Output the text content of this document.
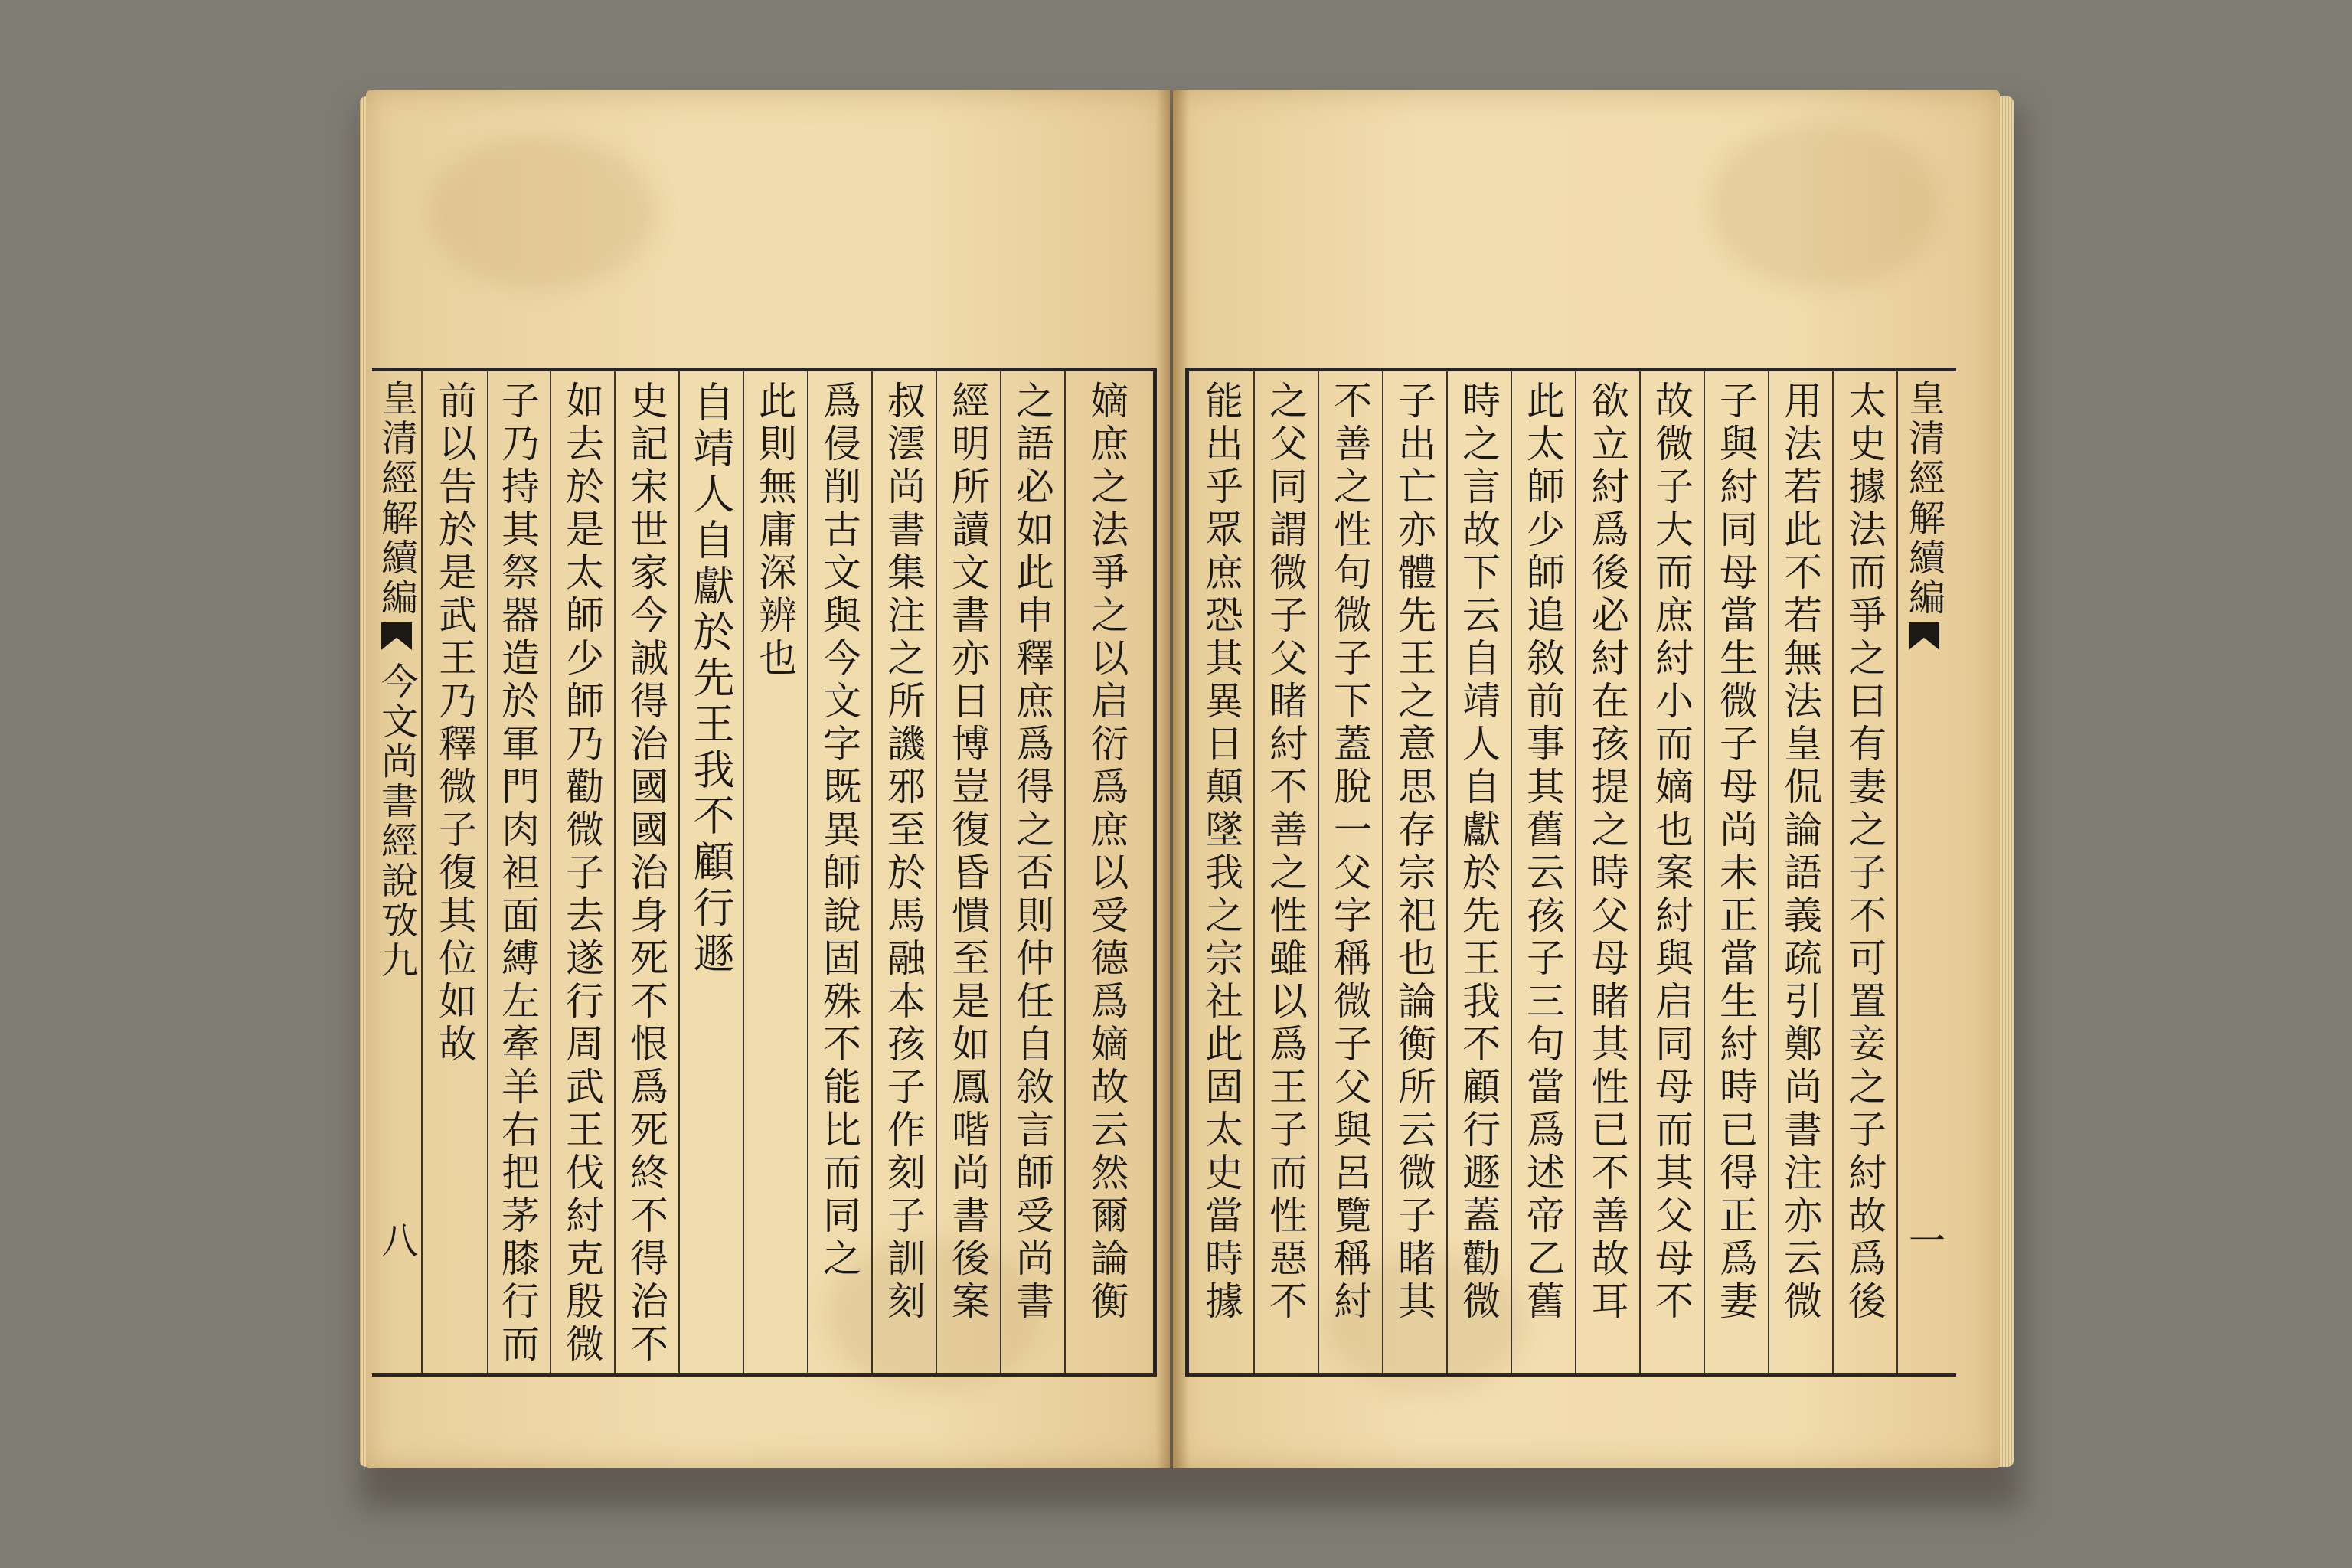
皇清經解續編
今文尚書經說攷九
八
前以告於是武王乃釋微子復其位如故 子乃持其祭器造於軍門肉袒面縛左牽羊右把茅膝行而 如去於是太師少師乃勸微子去遂行周武王伐紂克殷微 史記宋世家今誠得治國國治身死不恨爲死終不得治不 自靖人自獻於先王我不顧行遯 此則無庸深辨也 爲侵削古文與今文字既異師說固殊不能比而同之 叔澐尚書集注之所譏邪至於馬融本孩子作刻子訓刻 經明所讀文書亦日博豈復昏憒至是如鳳喈尚書後案 之語必如此申釋庶爲得之否則仲任自敘言師受尚書 嫡庶之法爭之以启衍爲庶以受德爲嫡故云然爾論衡 能出乎眾庶恐其異日顛墜我之宗社此固太史當時據 之父同謂微子父睹紂不善之性雖以爲王子而性惡不 不善之性句微子下蓋脫一父字稱微子父與呂覽稱紂 子出亡亦體先王之意思存宗祀也論衡所云微子睹其 時之言故下云自靖人自獻於先王我不顧行遯蓋勸微 此太師少師追敘前事其舊云孩子三句當爲述帝乙舊 欲立紂爲後必紂在孩提之時父母睹其性已不善故耳 故微子大而庶紂小而嫡也案紂與启同母而其父母不 子與紂同母當生微子母尚未正當生紂時已得正爲妻 用法若此不若無法皇侃論語義疏引鄭尚書注亦云微 太史據法而爭之曰有妻之子不可置妾之子紂故爲後 皇清經解續編
一
